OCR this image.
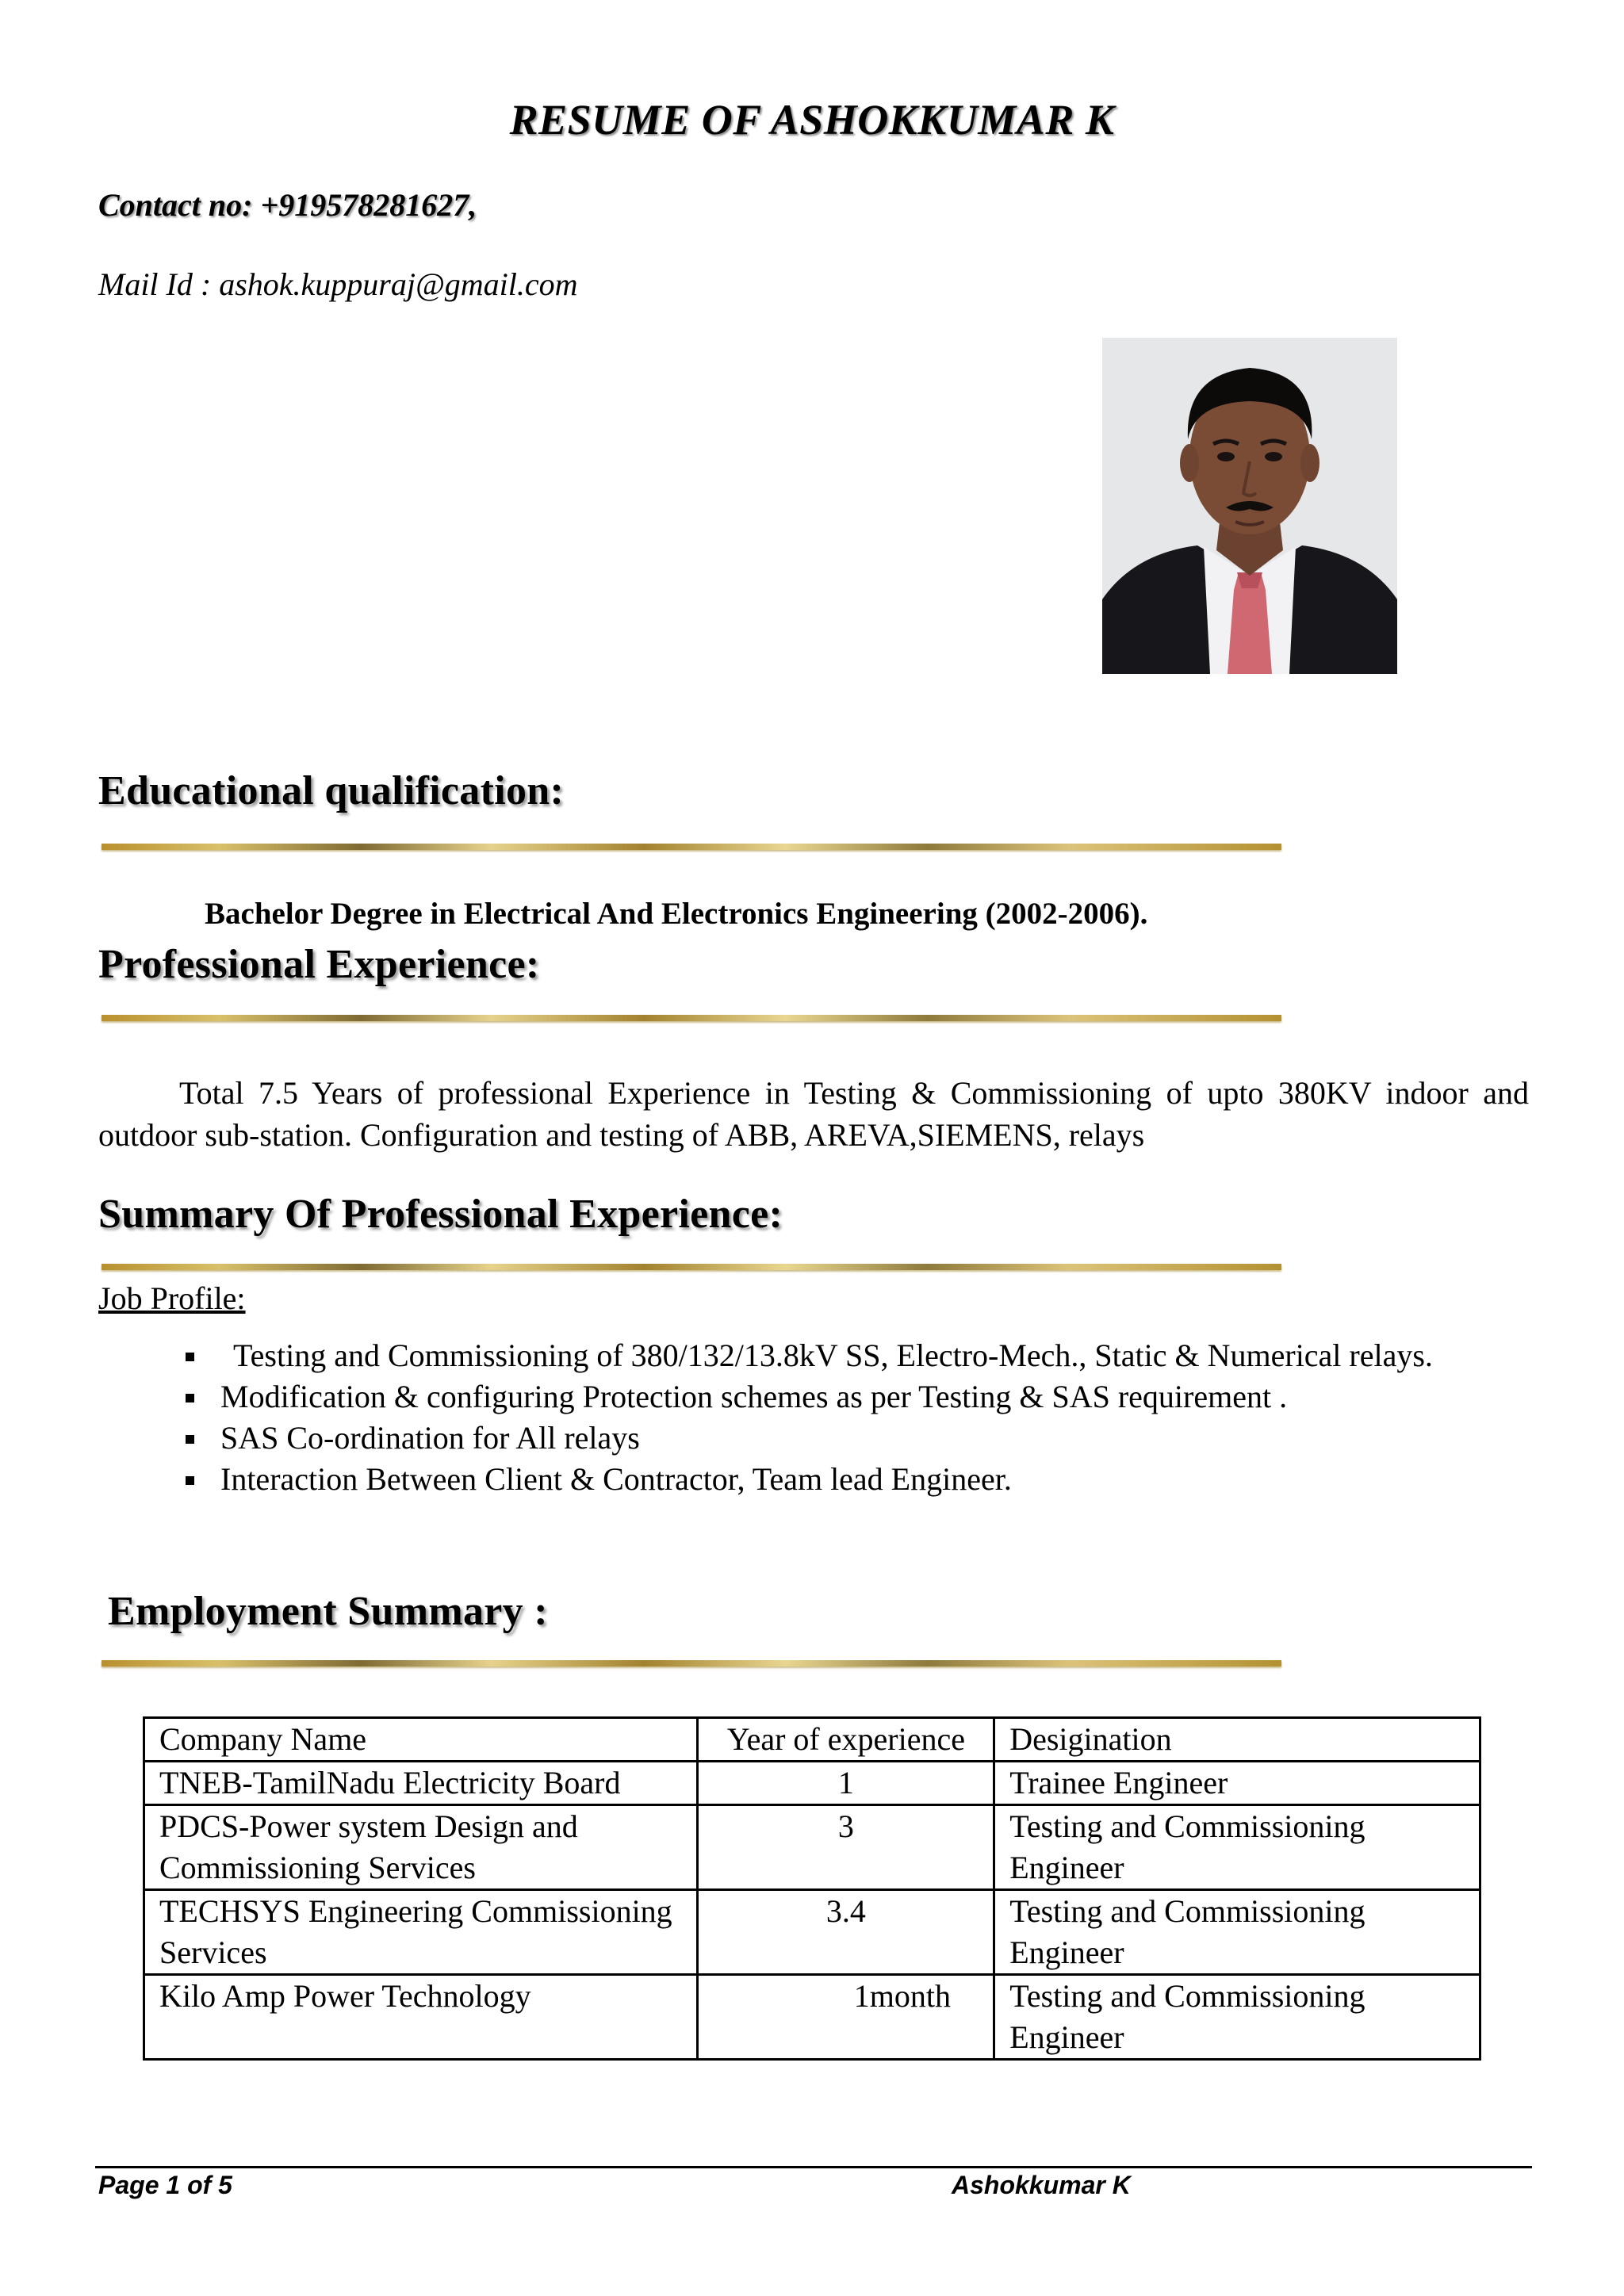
RESUME OF ASHOKKUMAR K
Contact no: +919578281627,
Mail Id : ashok.kuppuraj@gmail.com
Educational qualification:
Bachelor Degree in Electrical And Electronics Engineering (2002-2006).
Professional Experience:

Total 7.5 Years of professional Experience in Testing & Commissioning of upto 380KV indoor and outdoor sub-station. Configuration and testing of ABB, AREVA,SIEMENS, relays

Summary Of Professional Experience:
Job Profile:
Testing and Commissioning of 380/132/13.8kV SS, Electro-Mech., Static & Numerical relays.
Modification & configuring Protection schemes as per Testing & SAS requirement .
SAS Co-ordination for All relays
Interaction Between Client & Contractor, Team lead Engineer.
Employment Summary :
Company Name	Year of experience	Desigination
TNEB-TamilNadu Electricity Board	1	Trainee Engineer
PDCS-Power system Design and Commissioning Services	3	Testing and Commissioning Engineer
TECHSYS Engineering Commissioning Services	3.4	Testing and Commissioning Engineer
Kilo Amp Power Technology	1month	Testing and Commissioning Engineer
Page 1 of 5	Ashokkumar K
